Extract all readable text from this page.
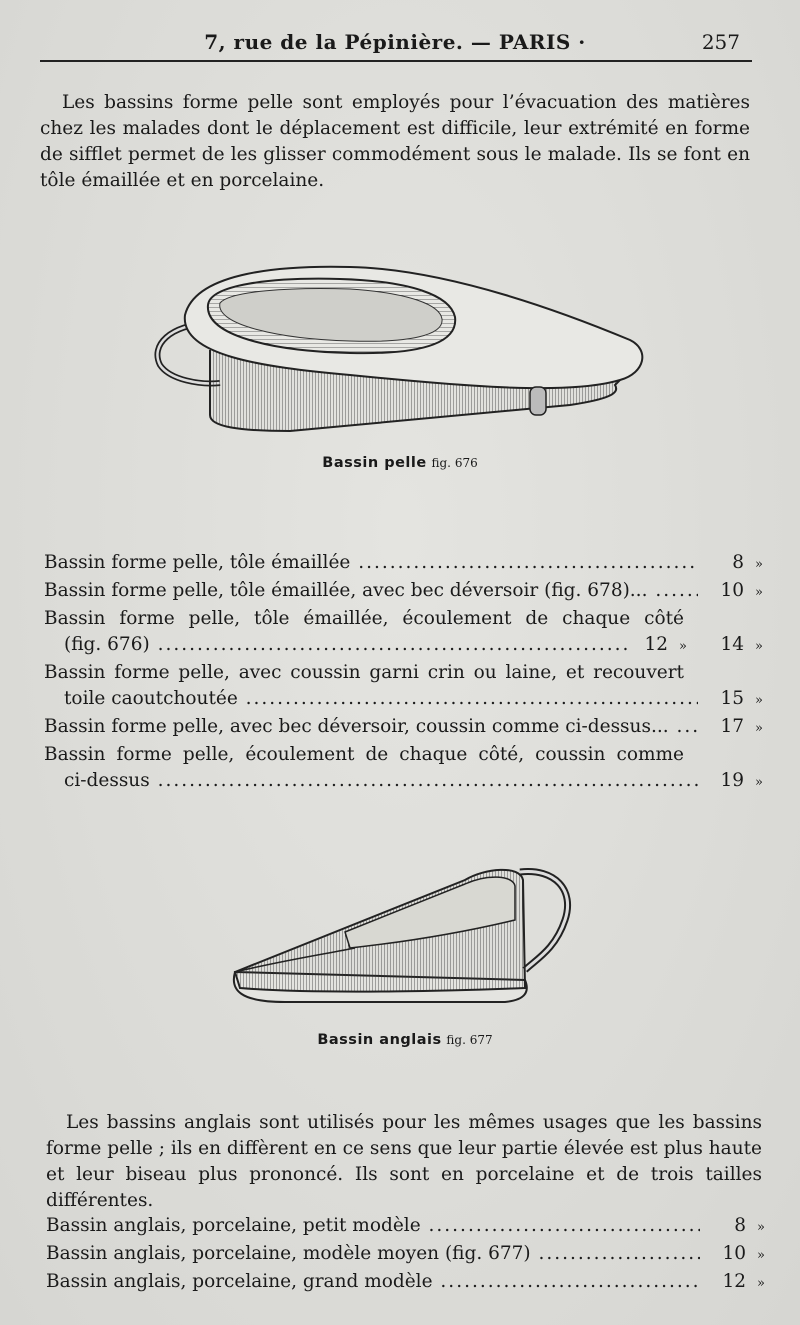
7, rue de la Pépinière. — PARIS ·	257
Les bassins forme pelle sont employés pour l’évacuation des matières chez les malades dont le déplacement est difficile, leur extrémité en forme de sifflet permet de les glisser commodément sous le malade. Ils se font en tôle émaillée et en porcelaine.
Bassin pelle fig. 676
Bassin forme pelle, tôle émaillée .....	8 »
Bassin forme pelle, tôle émaillée, avec bec déversoir (fig. 678)... .....	10 »
Bassin forme pelle, tôle émaillée, écoulement de chaque côté
(fig. 676) .....	12 »	14 »
Bassin forme pelle, avec coussin garni crin ou laine, et recouvert
toile caoutchoutée .....	15 »
Bassin forme pelle, avec bec déversoir, coussin comme ci-dessus... .....	17 »
Bassin forme pelle, écoulement de chaque côté, coussin comme
ci-dessus .....	19 »
Bassin anglais fig. 677
Les bassins anglais sont utilisés pour les mêmes usages que les bassins forme pelle ; ils en diffèrent en ce sens que leur partie élevée est plus haute et leur biseau plus prononcé. Ils sont en porcelaine et de trois tailles différentes.
Bassin anglais, porcelaine, petit modèle .....	8 »
Bassin anglais, porcelaine, modèle moyen (fig. 677) .....	10 »
Bassin anglais, porcelaine, grand modèle .....	12 »
